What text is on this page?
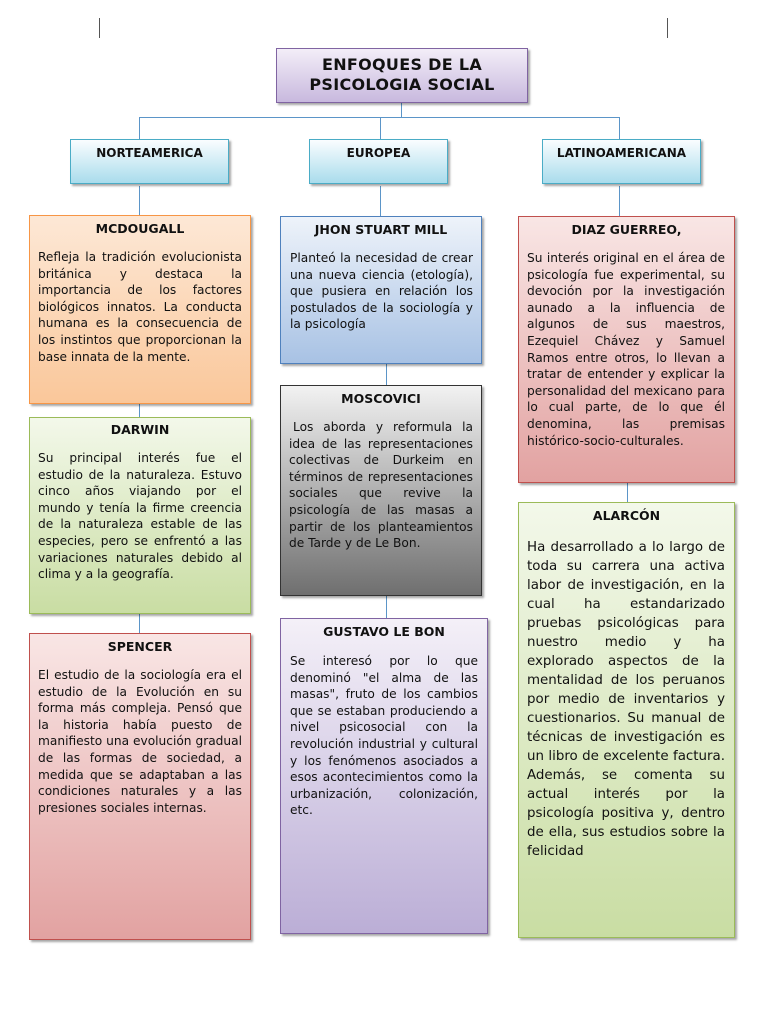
ENFOQUES DE LA PSICOLOGIA SOCIAL
NORTEAMERICA	EUROPEA	LATINOAMERICANA
MCDOUGALL
Refleja la tradición evolucionista británica y destaca la importancia de los factores biológicos innatos. La conducta humana es la consecuencia de los instintos que proporcionan la base innata de la mente.
DARWIN
Su principal interés fue el estudio de la naturaleza. Estuvo cinco años viajando por el mundo y tenía la firme creencia de la naturaleza estable de las especies, pero se enfrentó a las variaciones naturales debido al clima y a la geografía.
SPENCER
El estudio de la sociología era el estudio de la Evolución en su forma más compleja. Pensó que la historia había puesto de manifiesto una evolución gradual de las formas de sociedad, a medida que se adaptaban a las condiciones naturales y a las presiones sociales internas.
JHON STUART MILL
Planteó la necesidad de crear una nueva ciencia (etología), que pusiera en relación los postulados de la sociología y la psicología
MOSCOVICI
Los aborda y reformula la idea de las representaciones colectivas de Durkeim en términos de representaciones sociales que revive la psicología de las masas a partir de los planteamientos de Tarde y de Le Bon.
GUSTAVO LE BON
Se interesó por lo que denominó "el alma de las masas", fruto de los cambios que se estaban produciendo a nivel psicosocial con la revolución industrial y cultural y los fenómenos asociados a esos acontecimientos como la urbanización, colonización, etc.
DIAZ GUERREO,
Su interés original en el área de psicología fue experimental, su devoción por la investigación aunado a la influencia de algunos de sus maestros, Ezequiel Chávez y Samuel Ramos entre otros, lo llevan a tratar de entender y explicar la personalidad del mexicano para lo cual parte, de lo que él denomina, las premisas histórico-socio-culturales.
ALARCÓN
Ha desarrollado a lo largo de toda su carrera una activa labor de investigación, en la cual ha estandarizado pruebas psicológicas para nuestro medio y ha explorado aspectos de la mentalidad de los peruanos por medio de inventarios y cuestionarios. Su manual de técnicas de investigación es un libro de excelente factura. Además, se comenta su actual interés por la psicología positiva y, dentro de ella, sus estudios sobre la felicidad
